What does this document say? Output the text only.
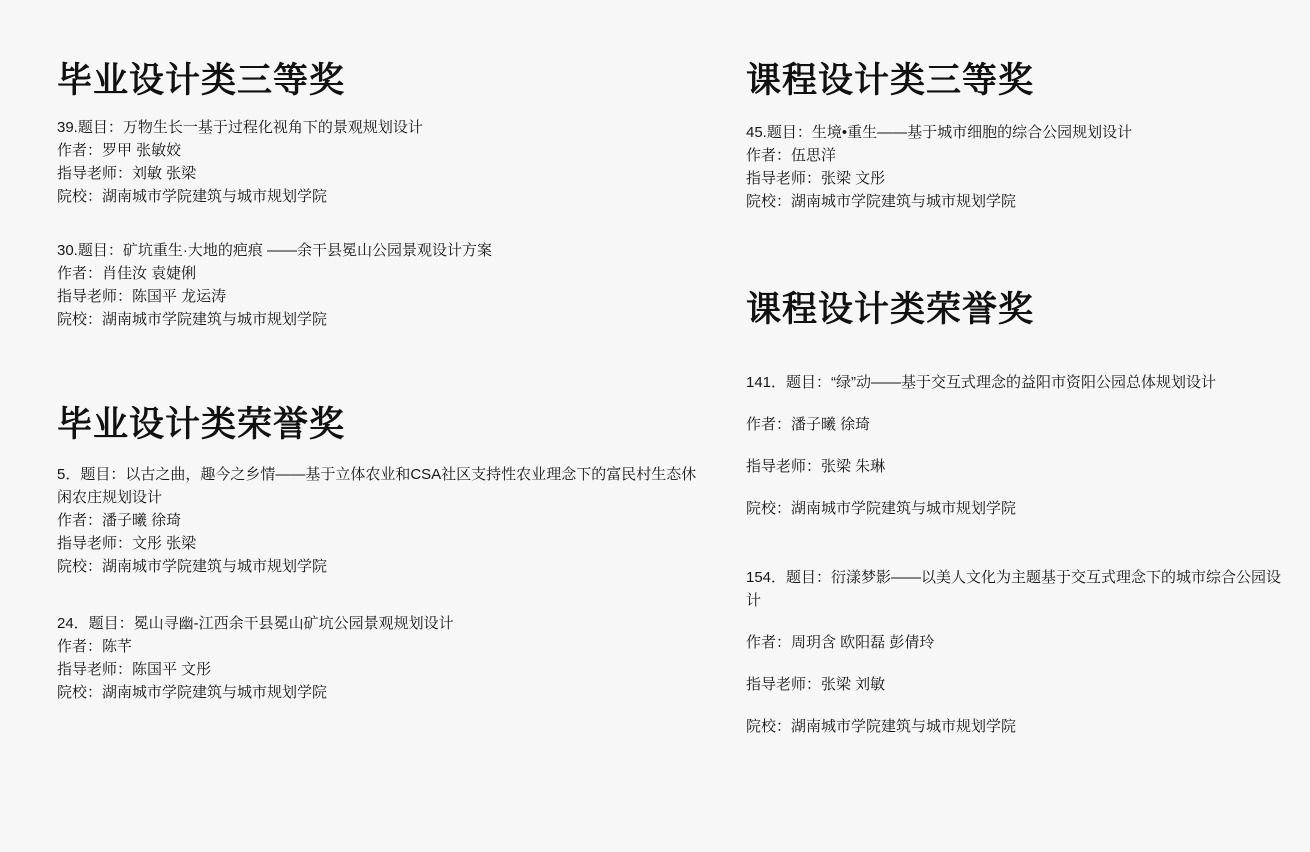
毕业设计类三等奖

39.题目：万物生长一基于过程化视角下的景观规划设计

作者：罗甲 张敏姣

指导老师：刘敏 张梁

院校：湖南城市学院建筑与城市规划学院

30.题目：矿坑重生·大地的疤痕 ——余干县冕山公园景观设计方案

作者：肖佳汝 袁婕俐

指导老师：陈国平 龙运涛

院校：湖南城市学院建筑与城市规划学院

毕业设计类荣誉奖

5．题目：以古之曲，趣今之乡情——基于立体农业和CSA社区支持性农业理念下的富民村生态休闲农庄规划设计

作者：潘子曦 徐琦

指导老师：文彤 张梁

院校：湖南城市学院建筑与城市规划学院

24．题目：冕山寻幽-江西余干县冕山矿坑公园景观规划设计

作者：陈芊

指导老师：陈国平 文彤

院校：湖南城市学院建筑与城市规划学院

课程设计类三等奖

45.题目：生境•重生——基于城市细胞的综合公园规划设计

作者：伍思洋

指导老师：张梁 文彤

院校：湖南城市学院建筑与城市规划学院

课程设计类荣誉奖

141．题目：“绿”动——基于交互式理念的益阳市资阳公园总体规划设计

作者：潘子曦 徐琦

指导老师：张梁 朱琳

院校：湖南城市学院建筑与城市规划学院

154．题目：衍漾梦影——以美人文化为主题基于交互式理念下的城市综合公园设计

作者：周玥含 欧阳磊 彭倩玲

指导老师：张梁 刘敏

院校：湖南城市学院建筑与城市规划学院
